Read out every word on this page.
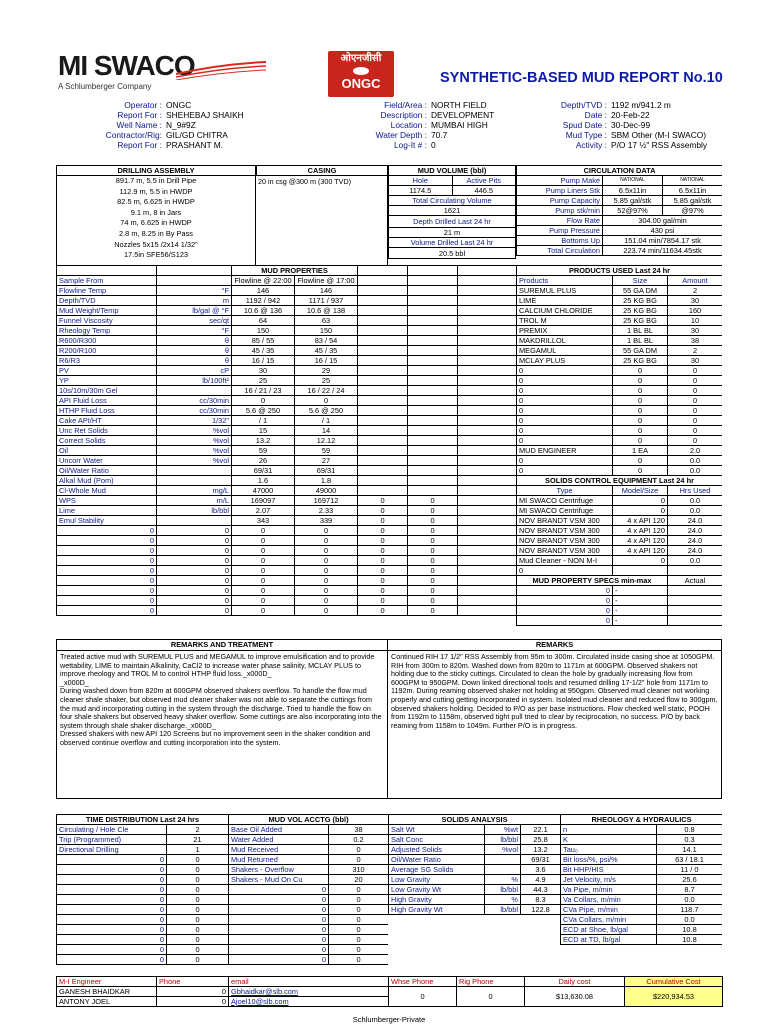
MI SWACO
A Schlumberger Company
ओएनजीसी
ONGC	SYNTHETIC-BASED MUD REPORT No.10
Operator :	ONGC	Field/Area :	NORTH FIELD	Depth/TVD :	1192 m/941.2 m
Report For :	SHEHEBAJ SHAIKH	Description :	DEVELOPMENT	Date :	20-Feb-22
Well Name :	N_9#9Z	Location :	MUMBAI HIGH	Spud Date :	30-Dec-99
Contractor/Rig:	GIL/GD CHITRA	Water Depth :	70.7	Mud Type :	SBM Other (M-I SWACO)
Report For :	PRASHANT M.	Log-It # :	0	Activity :	P/O 17 ½" RSS Assembly
DRILLING ASSEMBLY
891.7 m, 5.5 in Drill Pipe
112.9 m, 5.5 in HWDP
82.5 m, 6.625 in HWDP
9.1 m, 8 in Jars
74 m, 6.625 in HWDP
2.8 m, 8.25 in By Pass
Nozzles 5x15 /2x14 1/32"
17.5in SFE56/S123
CASING
20 in csg @300 m (300 TVD)
MUD VOLUME (bbl)	
Hole	Active Pits
1174.5	446.5
Total Circulating Volume	
1621	
Depth Drilled Last 24 hr	
21 m	
Volume Drilled Last 24 hr	
20.5 bbl	
CIRCULATION DATA		
Pump Make	NATIONAL	NATIONAL
Pump Liners Stk	6.5x11in	6.5x11in
Pump Capacity	5.85 gal/stk	5.85 gal/stk
Pump stk/min	52@97%	@97%
Flow Rate	304.00 gal/min	
Pump Pressure	430 psi	
Bottoms Up	151.04 min/7854.17 stk	
Total Circulation	223.74 min/11634.45stk	
		MUD PROPERTIES				
Sample From		Flowline @ 22:00	Flowline @ 17:00			
Flowline Temp	°F	146	146			
Depth/TVD	m	1192 / 942	1171 / 937			
Mud Weight/Temp	lb/gal @ °F	10.6 @ 136	10.6 @ 138			
Funnel Viscosity	sec/qt	64	63			
Rheology Temp	°F	150	150			
R600/R300	θ	85 / 55	83 / 54			
R200/R100	θ	45 / 35	45 / 35			
R6/R3	θ	16 / 15	16 / 15			
PV	cP	30	29			
YP	lb/100ft²	25	25			
10s/10m/30m Gel		16 / 21 / 23	16 / 22 / 24			
API Fluid Loss	cc/30min	0	0			
HTHP Fluid Loss	cc/30min	5.6 @ 250	5.6 @ 250			
Cake API/HT	1/32"	/ 1	/ 1			
Unc Ret Solids	%vol	15	14			
Correct Solids	%vol	13.2	12.12			
Oil	%vol	59	59			
Uncorr Water	%vol	26	27			
Oil/Water Ratio		69/31	69/31			
Alkal Mud (Pom)		1.6	1.8			
Cl-Whole Mud	mg/L	47000	49000			
WPS	m/L	169097	169712	0	0	
Lime	lb/bbl	2.07	2.33	0	0	
Emul Stability		343	339	0	0	
0	0	0	0	0	0	
0	0	0	0	0	0	
0	0	0	0	0	0	
0	0	0	0	0	0	
0	0	0	0	0	0	
0	0	0	0	0	0	
0	0	0	0	0	0	
0	0	0	0	0	0	
0	0	0	0	0	0	
PRODUCTS USED Last 24 hr		
Products	Size	Amount
SUREMUL PLUS	55 GA DM	2
LIME	25 KG BG	30
CALCIUM CHLORIDE	25 KG BG	160
TROL M	25 KG BG	10
PREMIX	1 BL BL	30
MAKDRILLOL	1 BL BL	38
MEGAMUL	55 GA DM	2
MCLAY PLUS	25 KG BG	30
0	0	0
0	0	0
0	0	0
0	0	0
0	0	0
0	0	0
0	0	0
0	0	0
MUD ENGINEER	1 EA	2.0
0	0	0.0
0	0	0.0
SOLIDS CONTROL EQUIPMENT Last 24 hr		
Type	Model/Size	Hrs Used
MI SWACO Centrifuge	0	0.0
MI SWACO Centrifuge	0	0.0
NOV BRANDT VSM 300	4 x API 120	24.0
NOV BRANDT VSM 300	4 x API 120	24.0
NOV BRANDT VSM 300	4 x API 120	24.0
NOV BRANDT VSM 300	4 x API 120	24.0
Mud Cleaner - NON M-I	0	0.0
0		
MUD PROPERTY SPECS min-max		Actual
0	-	
0	-	
0	-	
0	-	
REMARKS AND TREATMENT
Treated active mud with SUREMUL PLUS and MEGAMUL to improve emulsification and to provide wettability, LIME to maintain Alkalinity, CaCl2 to increase water phase salinity, MCLAY PLUS to improve rheology and TROL M to control HTHP fluid loss._x000D_
_x000D_
During washed down from 820m at 600GPM observed shakers overflow. To handle the flow mud cleaner shale shaker, but observed mud cleaner shaker was not able to separate the cuttings from the mud and incorporating cutting in the system through the discharge. Tried to handle the flow on four shale shakers but observed heavy shaker overflow. Some cuttings are also incorporating into the system through shale shaker discharge._x000D_
Dressed shakers with new API 120 Screens but no improvement seen in the shaker condition and observed continue overflow and cutting incorporation into the system.
REMARKS
Continued RIH 17 1/2" RSS Assembly from 95m to 300m. Circulated inside casing shoe at 1050GPM. RIH from 300m to 820m. Washed down from 820m to 1171m at 600GPM. Observed shakers not holding due to the sticky cuttings. Circulated to clean the hole by gradually increasing flow from 600GPM to 950GPM. Down linked directional tools and resumed drilling 17-1/2" hole from 1171m to 1192m. During reaming observed shaker not holding at 950gpm. Observed mud cleaner not working properly and cutting getting incorporated in system. Isolated mud cleaner and reduced flow to 300gpm, observed shakers holding. Decided to P/O as per base instructions. Flow checked well static, POOH from 1192m to 1158m, observed tight pull tried to clear by reciprocation, no success. P/O by back reaming from 1158m to 1049m. Further P/O is in progress.
TIME DISTRIBUTION Last 24 hrs	
Circulating / Hole Cle	2
Trip (Programmed)	21
Directional Drilling	1
0	0
0	0
0	0
0	0
0	0
0	0
0	0
0	0
0	0
0	0
0	0
MUD VOL ACCTG (bbl)	
Base Oil Added	38
Water Added	0.2
Mud Received	0
Mud Returned	0
Shakers - Overflow	310
Shakers - Mud On Cu	20
0	0
0	0
0	0
0	0
0	0
0	0
0	0
0	0
SOLIDS ANALYSIS		
Salt Wt	%wt	22.1
Salt Conc	lb/bbl	25.8
Adjusted Solids	%vol	13.2
Oil/Water Ratio		69/31
Average SG Solids		3.6
Low Gravity	%	4.9
Low Gravity Wt	lb/bbl	44.3
High Gravity	%	8.3
High Gravity Wt	lb/bbl	122.8
RHEOLOGY & HYDRAULICS	
n	0.8
K	0.3
Tau₀	14.1
Bit loss/%, psi/%	63 / 18.1
Bit HHP/HIS	11 / 0
Jet Velocity, m/s	25.6
Va Pipe, m/min	8.7
Va Collars, m/min	0.0
CVa Pipe, m/min	118.7
CVa Collars, m/min	0.0
ECD at Shoe, lb/gal	10.8
ECD at TD, lb/gal	10.8
M-I Engineer	Phone	email	Whse Phone	Rig Phone	Daily cost	Cumulative Cost
GANESH BHAIDKAR	0	Gbhaidkar@slb.com	0	0	$13,630.08	$220,934.53
ANTONY JOEL	0	Ajoel10@slb.com				
Schlumberger-Private
